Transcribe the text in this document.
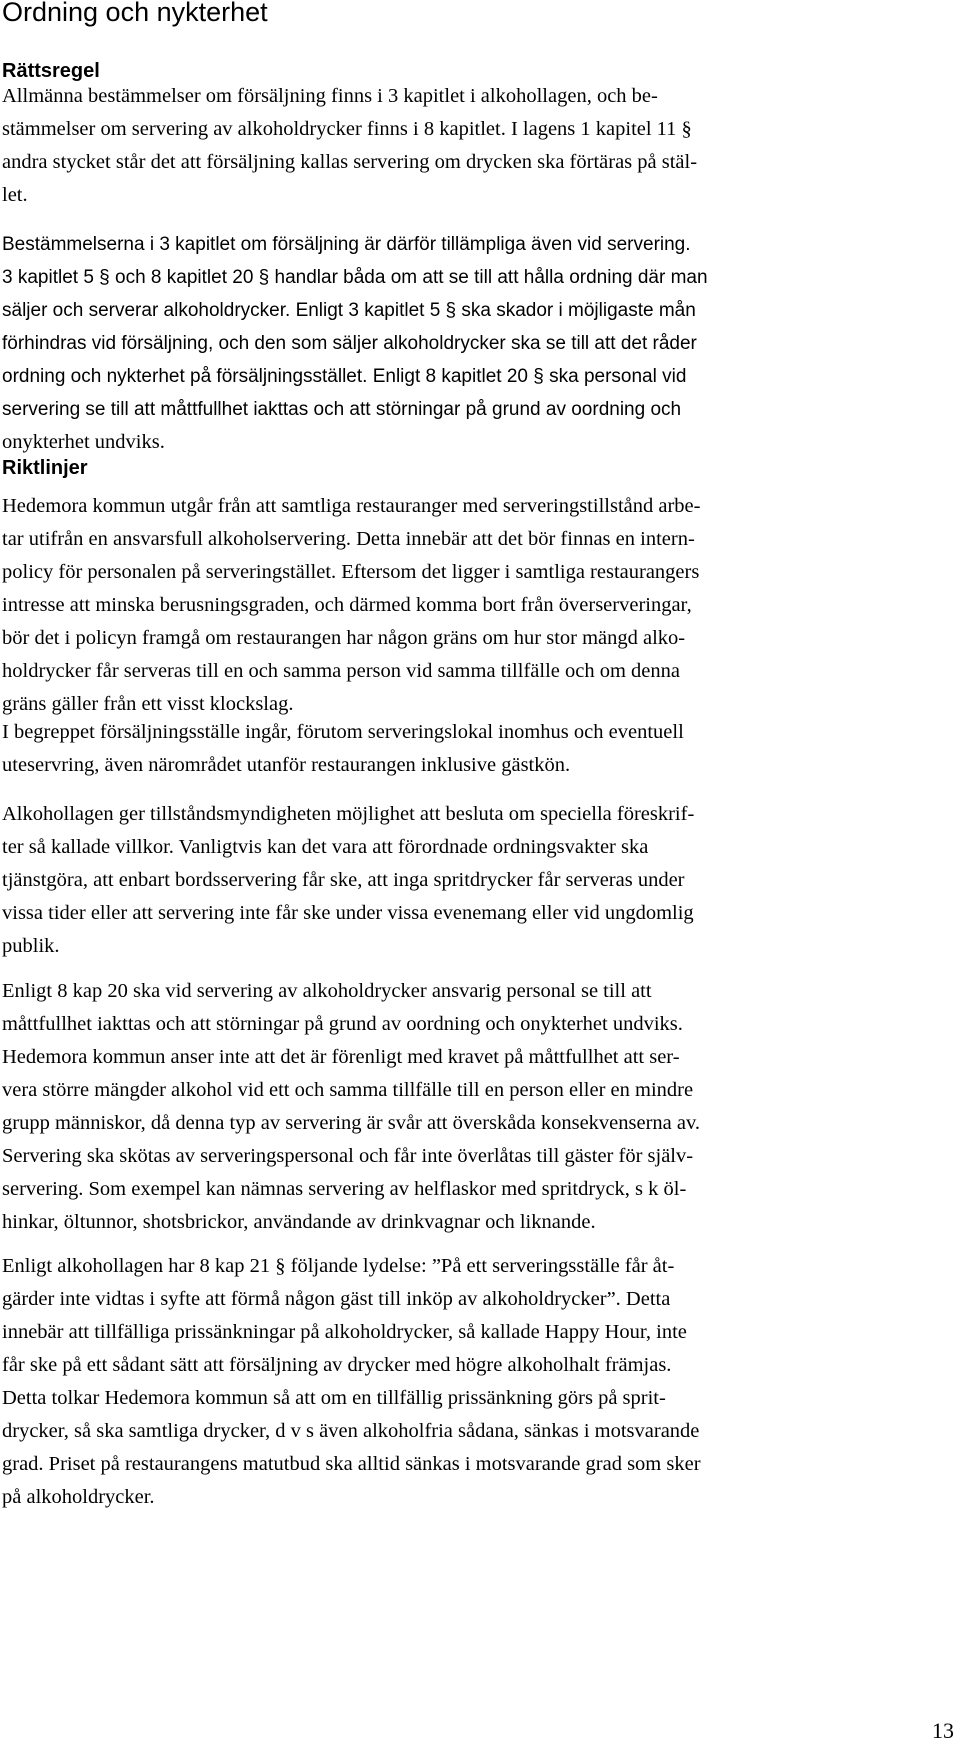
Ordning och nykterhet
Rättsregel
Allmänna bestämmelser om försäljning finns i 3 kapitlet i alkohollagen, och be-
stämmelser om servering av alkoholdrycker finns i 8 kapitlet. I lagens 1 kapitel 11 §
andra stycket står det att försäljning kallas servering om drycken ska förtäras på stäl-
let.
Bestämmelserna i 3 kapitlet om försäljning är därför tillämpliga även vid servering.
3 kapitlet 5 § och 8 kapitlet 20 § handlar båda om att se till att hålla ordning där man
säljer och serverar alkoholdrycker. Enligt 3 kapitlet 5 § ska skador i möjligaste mån
förhindras vid försäljning, och den som säljer alkoholdrycker ska se till att det råder
ordning och nykterhet på försäljningsstället. Enligt 8 kapitlet 20 § ska personal vid
servering se till att måttfullhet iakttas och att störningar på grund av oordning och
onykterhet undviks.
Riktlinjer
Hedemora kommun utgår från att samtliga restauranger med serveringstillstånd arbe-
tar utifrån en ansvarsfull alkoholservering. Detta innebär att det bör finnas en intern-
policy för personalen på serveringstället. Eftersom det ligger i samtliga restaurangers
intresse att minska berusningsgraden, och därmed komma bort från överserveringar,
bör det i policyn framgå om restaurangen har någon gräns om hur stor mängd alko-
holdrycker får serveras till en och samma person vid samma tillfälle och om denna
gräns gäller från ett visst klockslag.
I begreppet försäljningsställe ingår, förutom serveringslokal inomhus och eventuell
uteservring, även närområdet utanför restaurangen inklusive gästkön.
Alkohollagen ger tillståndsmyndigheten möjlighet att besluta om speciella föreskrif-
ter så kallade villkor. Vanligtvis kan det vara att förordnade ordningsvakter ska
tjänstgöra, att enbart bordsservering får ske, att inga spritdrycker får serveras under
vissa tider eller att servering inte får ske under vissa evenemang eller vid ungdomlig
publik.
Enligt 8 kap 20 ska vid servering av alkoholdrycker ansvarig personal se till att
måttfullhet iakttas och att störningar på grund av oordning och onykterhet undviks.
Hedemora kommun anser inte att det är förenligt med kravet på måttfullhet att ser-
vera större mängder alkohol vid ett och samma tillfälle till en person eller en mindre
grupp människor, då denna typ av servering är svår att överskåda konsekvenserna av.
Servering ska skötas av serveringspersonal och får inte överlåtas till gäster för själv-
servering. Som exempel kan nämnas servering av helflaskor med spritdryck, s k öl-
hinkar, öltunnor, shotsbrickor, användande av drinkvagnar och liknande.
Enligt alkohollagen har 8 kap 21 § följande lydelse: ”På ett serveringsställe får åt-
gärder inte vidtas i syfte att förmå någon gäst till inköp av alkoholdrycker”. Detta
innebär att tillfälliga prissänkningar på alkoholdrycker, så kallade Happy Hour, inte
får ske på ett sådant sätt att försäljning av drycker med högre alkoholhalt främjas.
Detta tolkar Hedemora kommun så att om en tillfällig prissänkning görs på sprit-
drycker, så ska samtliga drycker, d v s även alkoholfria sådana, sänkas i motsvarande
grad. Priset på restaurangens matutbud ska alltid sänkas i motsvarande grad som sker
på alkoholdrycker.
13
